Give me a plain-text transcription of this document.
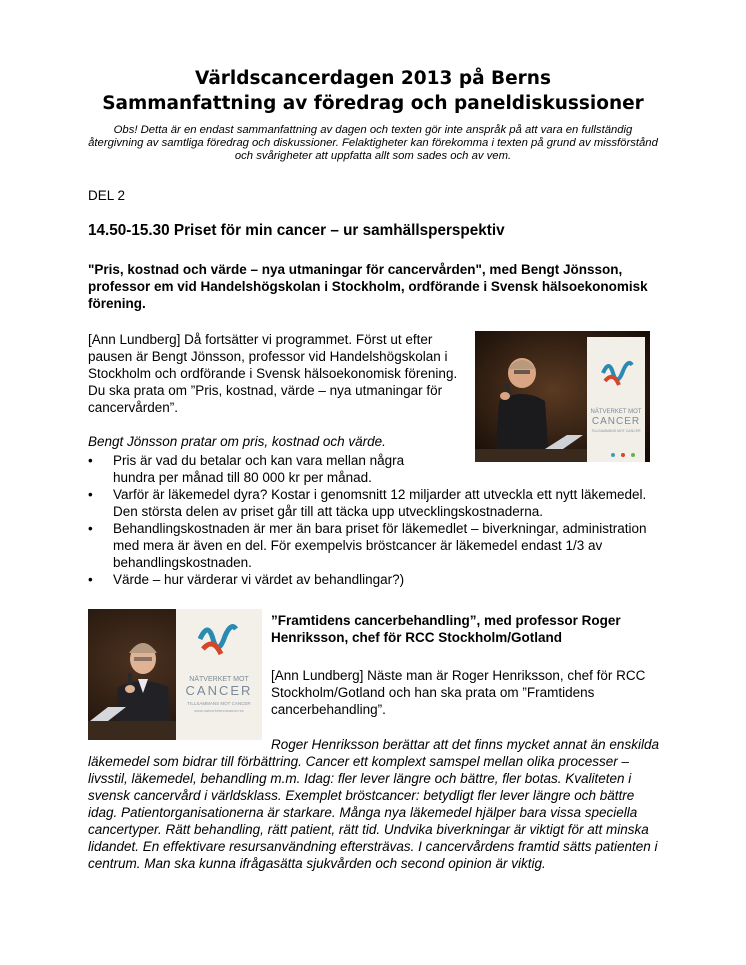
Världscancerdagen 2013 på Berns
Sammanfattning av föredrag och paneldiskussioner
Obs! Detta är en endast sammanfattning av dagen och texten gör inte anspråk på att vara en fullständig återgivning av samtliga föredrag och diskussioner. Felaktigheter kan förekomma i texten på grund av missförstånd och svårigheter att uppfatta allt som sades och av vem.
DEL 2
14.50-15.30 Priset för min cancer – ur samhällsperspektiv
"Pris, kostnad och värde – nya utmaningar för cancervården", med Bengt Jönsson, professor em vid Handelshögskolan i Stockholm, ordförande i Svensk hälsoekonomisk förening.
[Ann Lundberg] Då fortsätter vi programmet. Först ut efter pausen är Bengt Jönsson, professor vid Handelshögskolan i Stockholm och ordförande i Svensk hälsoekonomisk förening. Du ska prata om ”Pris, kostnad, värde – nya utmaningar för cancervården”.	NÄTVERKET MOT
CANCER
TILLSAMMANS MOT CANCER
Bengt Jönsson pratar om pris, kostnad och värde.
• Pris är vad du betalar och kan vara mellan några hundra per månad till 80 000 kr per månad.
• Varför är läkemedel dyra? Kostar i genomsnitt 12 miljarder att utveckla ett nytt läkemedel. Den största delen av priset går till att täcka upp utvecklingskostnaderna.
• Behandlingskostnaden är mer än bara priset för läkemedlet – biverkningar, administration med mera är även en del. För exempelvis bröstcancer är läkemedel endast 1/3 av behandlingskostnaden.
• Värde – hur värderar vi värdet av behandlingar?)
NÄTVERKET MOT
CANCER
TILLSAMMANS MOT CANCER
www.natverketmotcancer.se
”Framtidens cancerbehandling”, med professor Roger Henriksson, chef för RCC Stockholm/Gotland
[Ann Lundberg] Näste man är Roger Henriksson, chef för RCC Stockholm/Gotland och han ska prata om ”Framtidens cancerbehandling”.
Roger Henriksson berättar att det finns mycket annat än enskilda läkemedel som bidrar till förbättring. Cancer ett komplext samspel mellan olika processer – livsstil, läkemedel, behandling m.m. Idag: fler lever längre och bättre, fler botas. Kvaliteten i svensk cancervård i världsklass. Exemplet bröstcancer: betydligt fler lever längre och bättre idag. Patientorganisationerna är starkare. Många nya läkemedel hjälper bara vissa speciella cancertyper. Rätt behandling, rätt patient, rätt tid. Undvika biverkningar är viktigt för att minska lidandet. En effektivare resursanvändning eftersträvas. I cancervårdens framtid sätts patienten i centrum. Man ska kunna ifrågasätta sjukvården och second opinion är viktig.
